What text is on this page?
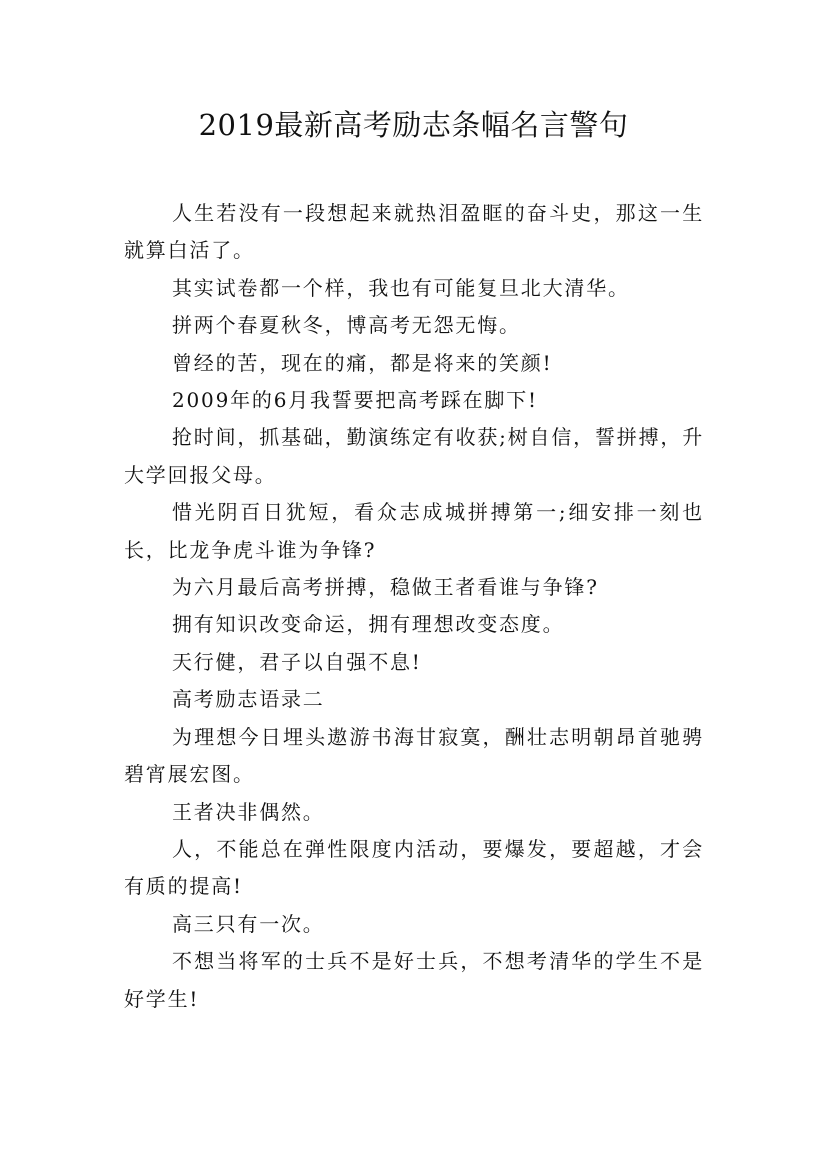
2019最新高考励志条幅名言警句

人生若没有一段想起来就热泪盈眶的奋斗史，那这一生就算白活了。

其实试卷都一个样，我也有可能复旦北大清华。

拼两个春夏秋冬，博高考无怨无悔。

曾经的苦，现在的痛，都是将来的笑颜!

2009年的6月我誓要把高考踩在脚下!

抢时间，抓基础，勤演练定有收获;树自信，誓拼搏，升大学回报父母。

惜光阴百日犹短，看众志成城拼搏第一;细安排一刻也长，比龙争虎斗谁为争锋?

为六月最后高考拼搏，稳做王者看谁与争锋?

拥有知识改变命运，拥有理想改变态度。

天行健，君子以自强不息!

高考励志语录二

为理想今日埋头遨游书海甘寂寞，酬壮志明朝昂首驰骋碧宵展宏图。

王者决非偶然。

人，不能总在弹性限度内活动，要爆发，要超越，才会有质的提高!

高三只有一次。

不想当将军的士兵不是好士兵，不想考清华的学生不是好学生!
